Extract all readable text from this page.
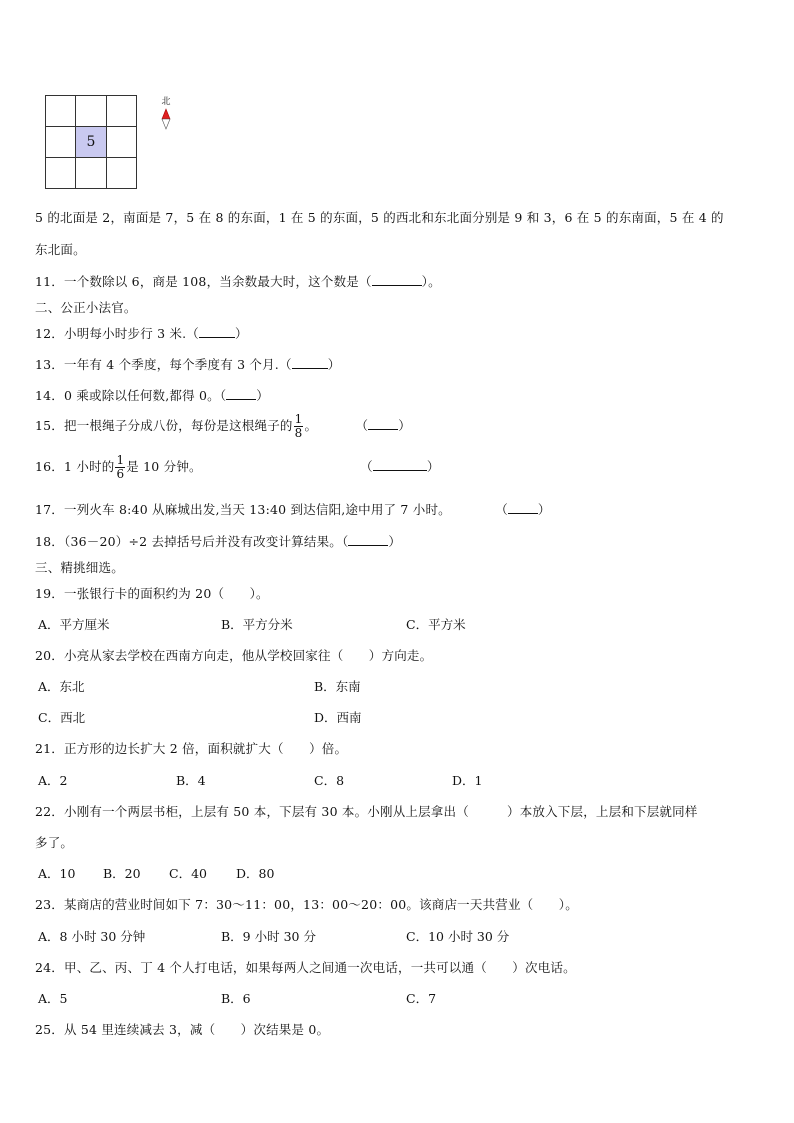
	5	

北
5 的北面是 2，南面是 7，5 在 8 的东面，1 在 5 的东面，5 的西北和东北面分别是 9 和 3，6 在 5 的东南面，5 在 4 的
东北面。
11．一个数除以 6，商是 108，当余数最大时，这个数是（	）。
二、公正小法官。
12．小明每小时步行 3 米.（	）
13．一年有 4 个季度，每个季度有 3 个月.（	）
14．0 乘或除以任何数,都得 0。（ ）
15．把一根绳子分成八份，每份是这根绳子的 $\frac{1}{8}$ 。	（ ）
16．1 小时的 $\frac{1}{6}$ 是 10 分钟。	（	）
17．一列火车 8:40 从麻城出发,当天 13:40 到达信阳,途中用了 7 小时。	（ ）
18．（36－20）÷2 去掉括号后并没有改变计算结果。（	）
三、精挑细选。
19．一张银行卡的面积约为 20（　　）。
A．平方厘米	B．平方分米	C．平方米
20．小亮从家去学校在西南方向走，他从学校回家往（　　）方向走。
A．东北	B．东南
C．西北	D．西南
21．正方形的边长扩大 2 倍，面积就扩大（　　）倍。
A．2	B．4	C．8	D．1
22．小刚有一个两层书柜，上层有 50 本，下层有 30 本。小刚从上层拿出（　　　）本放入下层，上层和下层就同样
多了。
A．10 B．20 C．40 D．80
23．某商店的营业时间如下 7：30～11：00，13：00～20：00。该商店一天共营业（　　）。
A．8 小时 30 分钟	B．9 小时 30 分	C．10 小时 30 分
24．甲、乙、丙、丁 4 个人打电话，如果每两人之间通一次电话，一共可以通（　　）次电话。
A．5	B．6	C．7
25．从 54 里连续减去 3，减（　　）次结果是 0。
